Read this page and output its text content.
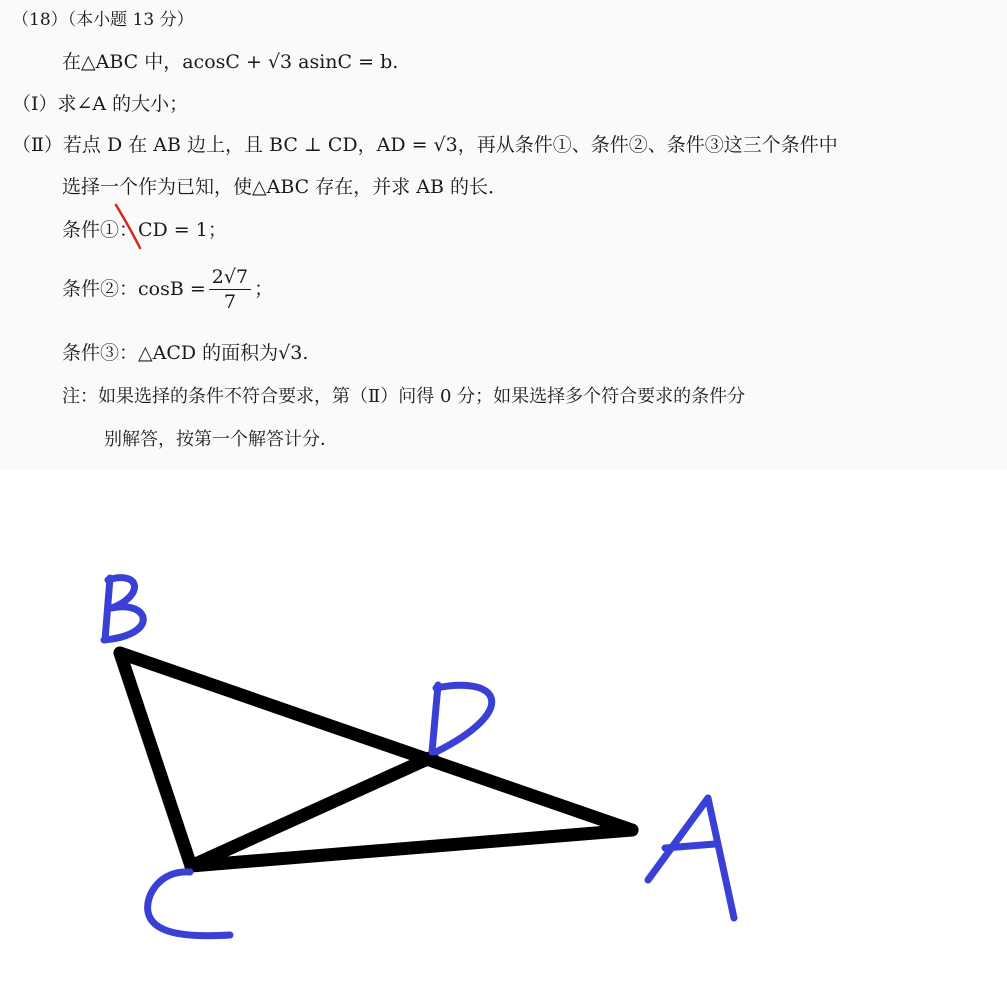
（18）（本小题 13 分）
在△ABC 中，acosC + √3 asinC = b.
（Ⅰ）求∠A 的大小；
（Ⅱ）若点 D 在 AB 边上，且 BC ⊥ CD，AD = √3，再从条件①、条件②、条件③这三个条件中
选择一个作为已知，使△ABC 存在，并求 AB 的长．
条件①：CD = 1；
条件②：$\cos B = \frac{2√7}{7}$ ；
条件③：△ACD 的面积为√3.
注：如果选择的条件不符合要求，第（Ⅱ）问得 0 分；如果选择多个符合要求的条件分
别解答，按第一个解答计分．
